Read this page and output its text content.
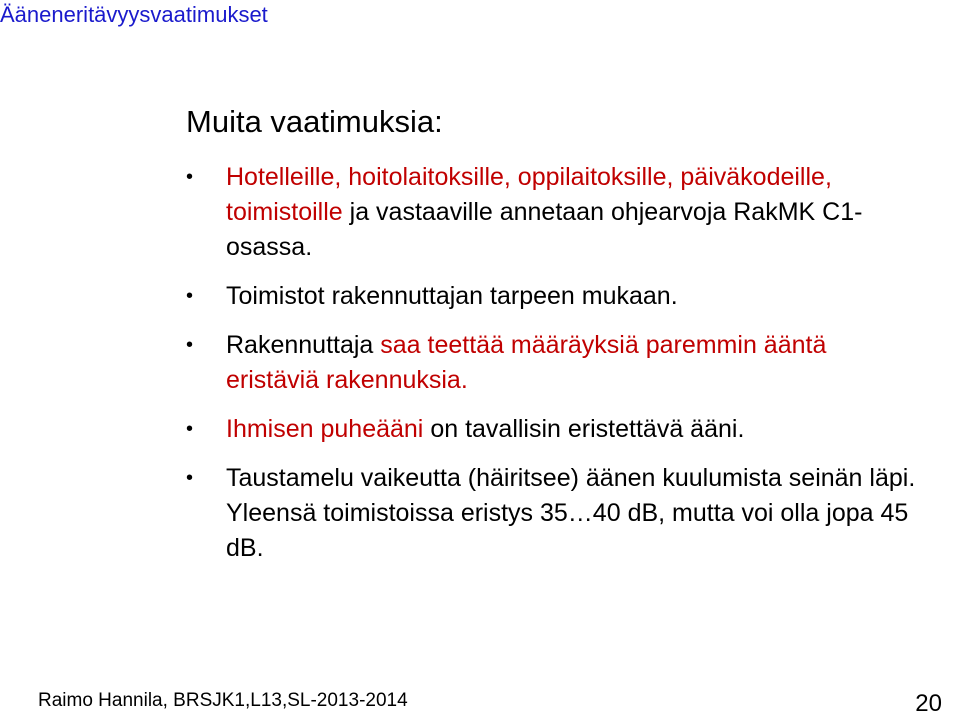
Ääneneritävyysvaatimukset
Muita vaatimuksia:
• Hotelleille, hoitolaitoksille, oppilaitoksille, päiväkodeille, toimistoille ja vastaaville annetaan ohjearvoja RakMK C1-osassa.
• Toimistot rakennuttajan tarpeen mukaan.
• Rakennuttaja saa teettää määräyksiä paremmin ääntä eristäviä rakennuksia.
• Ihmisen puheääni on tavallisin eristettävä ääni.
• Taustamelu vaikeutta (häiritsee) äänen kuulumista seinän läpi. Yleensä toimistoissa eristys 35…40 dB, mutta voi olla jopa 45 dB.
Raimo Hannila, BRSJK1,L13,SL-2013-2014	20
